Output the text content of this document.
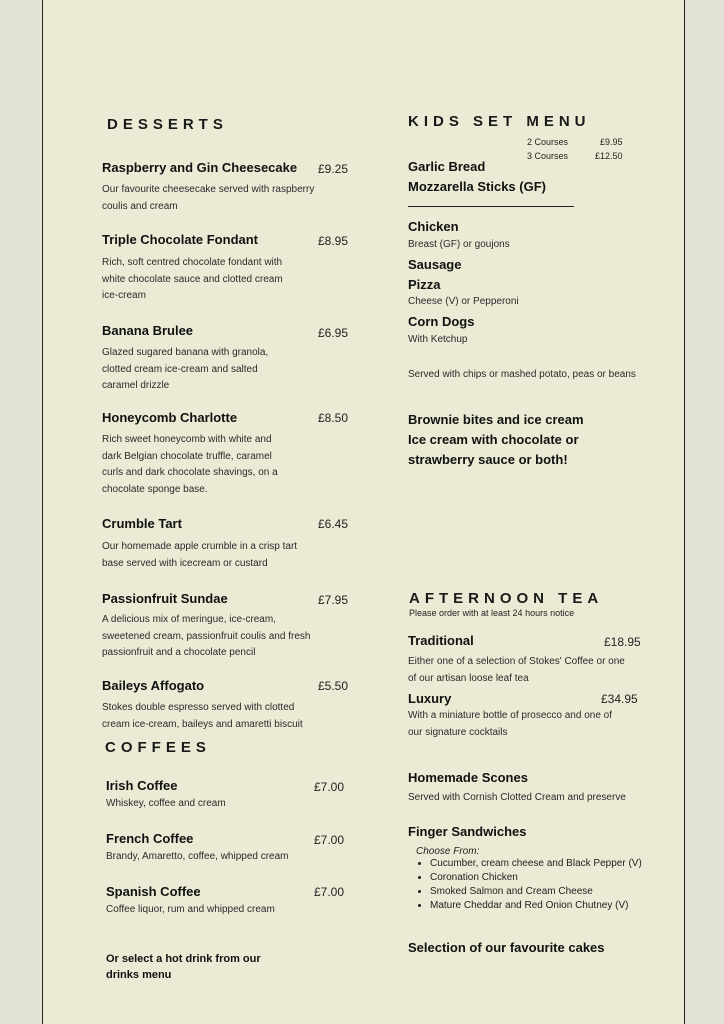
DESSERTS
Raspberry and Gin Cheesecake £9.25
Our favourite cheesecake served with raspberry
coulis and cream
Triple Chocolate Fondant	£8.95
Rich, soft centred chocolate fondant with
white chocolate sauce and clotted cream
ice-cream
Banana Brulee	£6.95
Glazed sugared banana with granola,
clotted cream ice-cream and salted
caramel drizzle
Honeycomb Charlotte	£8.50
Rich sweet honeycomb with white and
dark Belgian chocolate truffle, caramel
curls and dark chocolate shavings, on a
chocolate sponge base.
Crumble Tart	£6.45
Our homemade apple crumble in a crisp tart
base served with icecream or custard
Passionfruit Sundae	£7.95
A delicious mix of meringue, ice-cream,
sweetened cream, passionfruit coulis and fresh
passionfruit and a chocolate pencil
Baileys Affogato	£5.50
Stokes double espresso served with clotted
cream ice-cream, baileys and amaretti biscuit
COFFEES
Irish Coffee	£7.00
Whiskey, coffee and cream
French Coffee	£7.00
Brandy, Amaretto, coffee, whipped cream
Spanish Coffee	£7.00
Coffee liquor, rum and whipped cream
Or select a hot drink from our
drinks menu
KIDS SET MENU
2 Courses	£9.95
3 Courses	£12.50
Garlic Bread
Mozzarella Sticks (GF)
Chicken
Breast (GF) or goujons
Sausage
Pizza
Cheese (V) or Pepperoni
Corn Dogs
With Ketchup
Served with chips or mashed potato, peas or beans
Brownie bites and ice cream
Ice cream with chocolate or
strawberry sauce or both!
AFTERNOON TEA
Please order with at least 24 hours notice
Traditional	£18.95
Either one of a selection of Stokes' Coffee or one
of our artisan loose leaf tea
Luxury	£34.95
With a miniature bottle of prosecco and one of
our signature cocktails
Homemade Scones
Served with Cornish Clotted Cream and preserve
Finger Sandwiches
Choose From:
• Cucumber, cream cheese and Black Pepper (V)
• Coronation Chicken
• Smoked Salmon and Cream Cheese
• Mature Cheddar and Red Onion Chutney (V)
Selection of our favourite cakes
